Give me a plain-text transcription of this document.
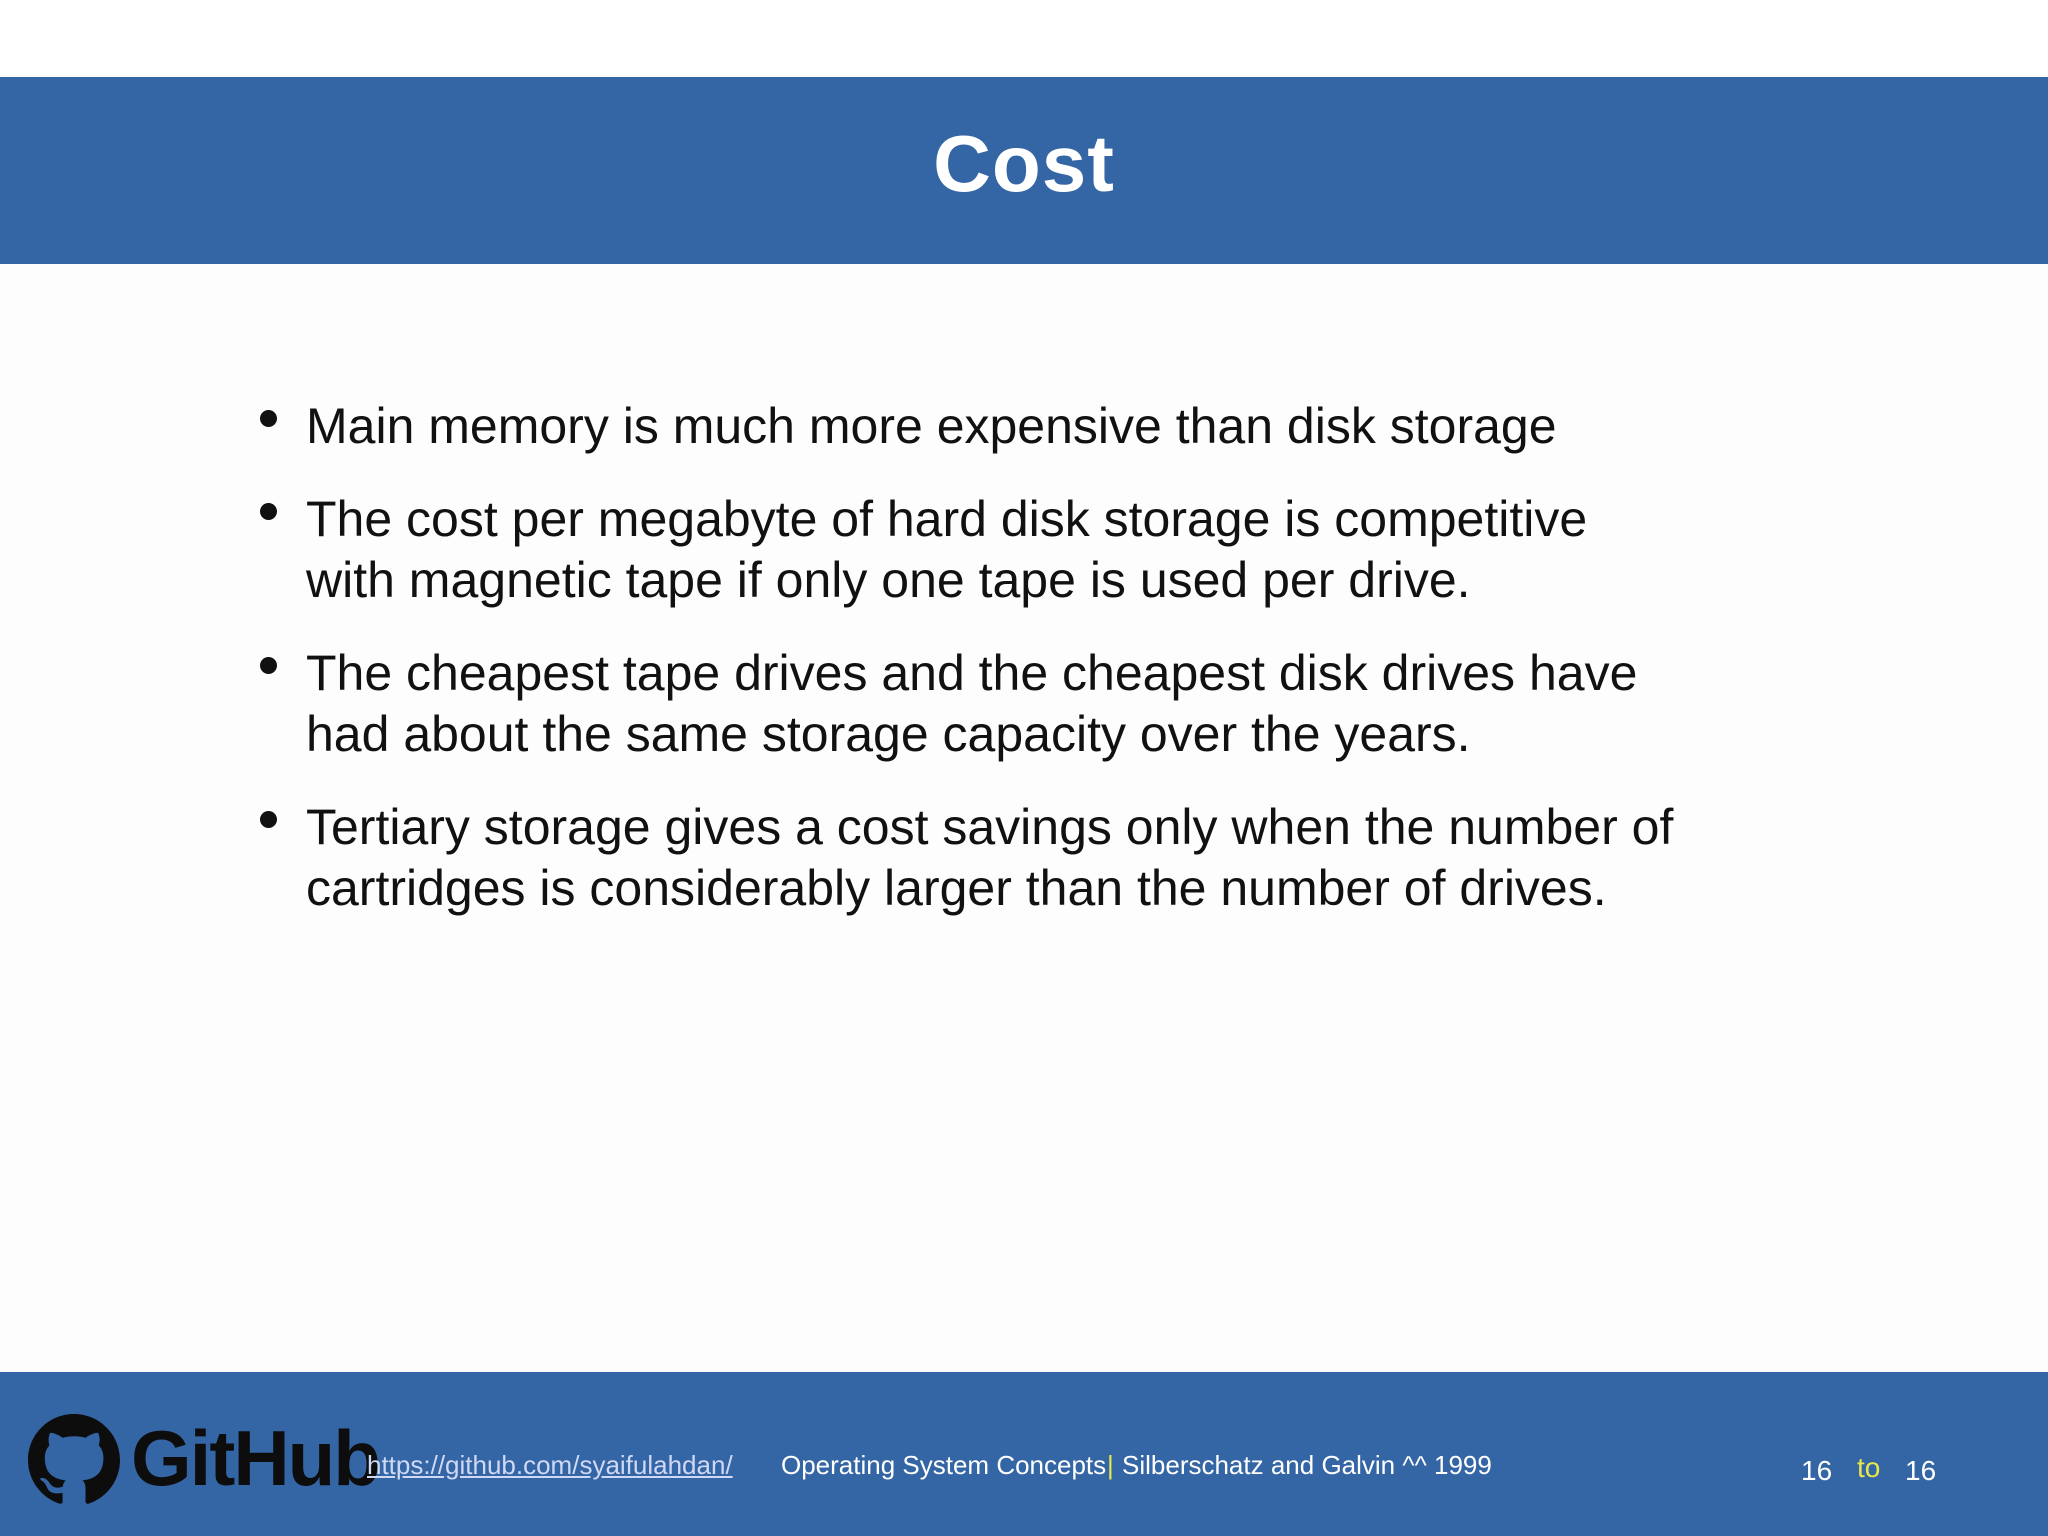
Cost
Main memory is much more expensive than disk storage
The cost per megabyte of hard disk storage is competitive
with magnetic tape if only one tape is used per drive.
The cheapest tape drives and the cheapest disk drives have
had about the same storage capacity over the years.
Tertiary storage gives a cost savings only when the number of
cartridges is considerably larger than the number of drives.
GitHub
https://github.com/syaifulahdan/ Operating System Concepts | Silberschatz and Galvin ^^ 1999	16 to 16
